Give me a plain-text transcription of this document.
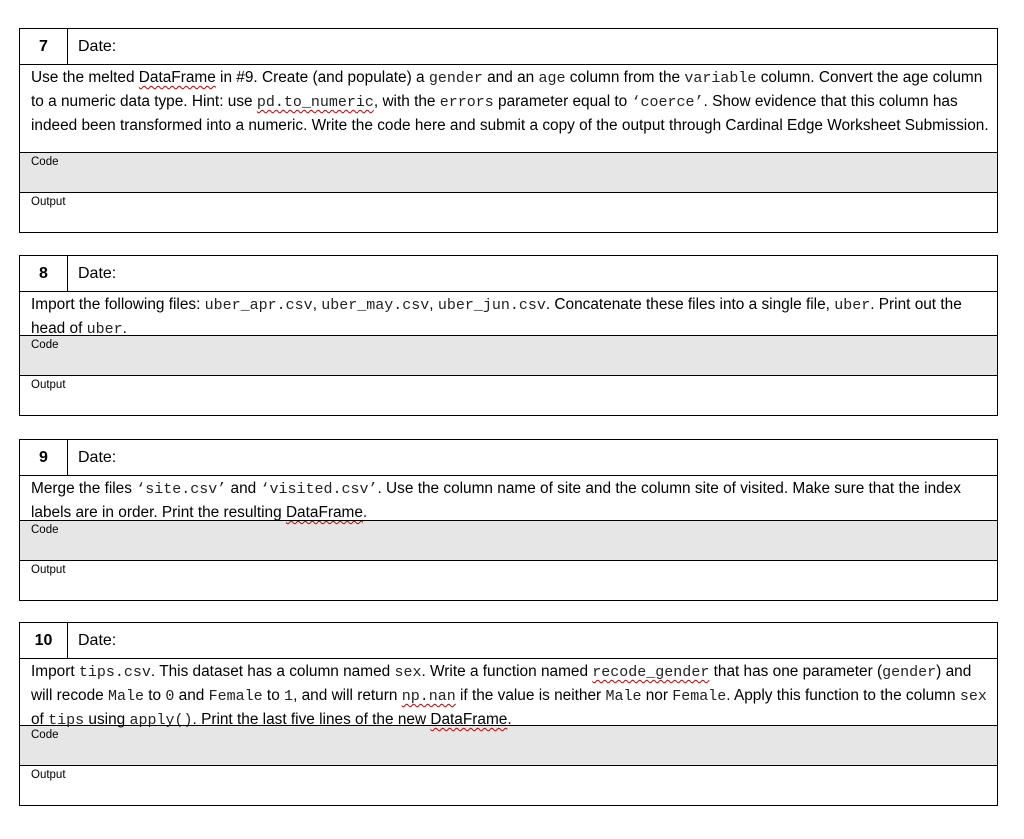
7	Date:
Use the melted DataFrame in #9. Create (and populate) a gender and an age column from the variable column. Convert the age column to a numeric data type. Hint: use pd.to_numeric, with the errors parameter equal to ‘coerce’. Show evidence that this column has indeed been transformed into a numeric. Write the code here and submit a copy of the output through Cardinal Edge Worksheet Submission.
Code
Output
8	Date:
Import the following files: uber_apr.csv, uber_may.csv, uber_jun.csv. Concatenate these files into a single file, uber. Print out the head of uber.
Code
Output
9	Date:
Merge the files ‘site.csv’ and ‘visited.csv’. Use the column name of site and the column site of visited. Make sure that the index labels are in order. Print the resulting DataFrame.
Code
Output
10	Date:
Import tips.csv. This dataset has a column named sex. Write a function named recode_gender that has one parameter (gender) and will recode Male to 0 and Female to 1, and will return np.nan if the value is neither Male nor Female. Apply this function to the column sex of tips using apply(). Print the last five lines of the new DataFrame.
Code
Output
